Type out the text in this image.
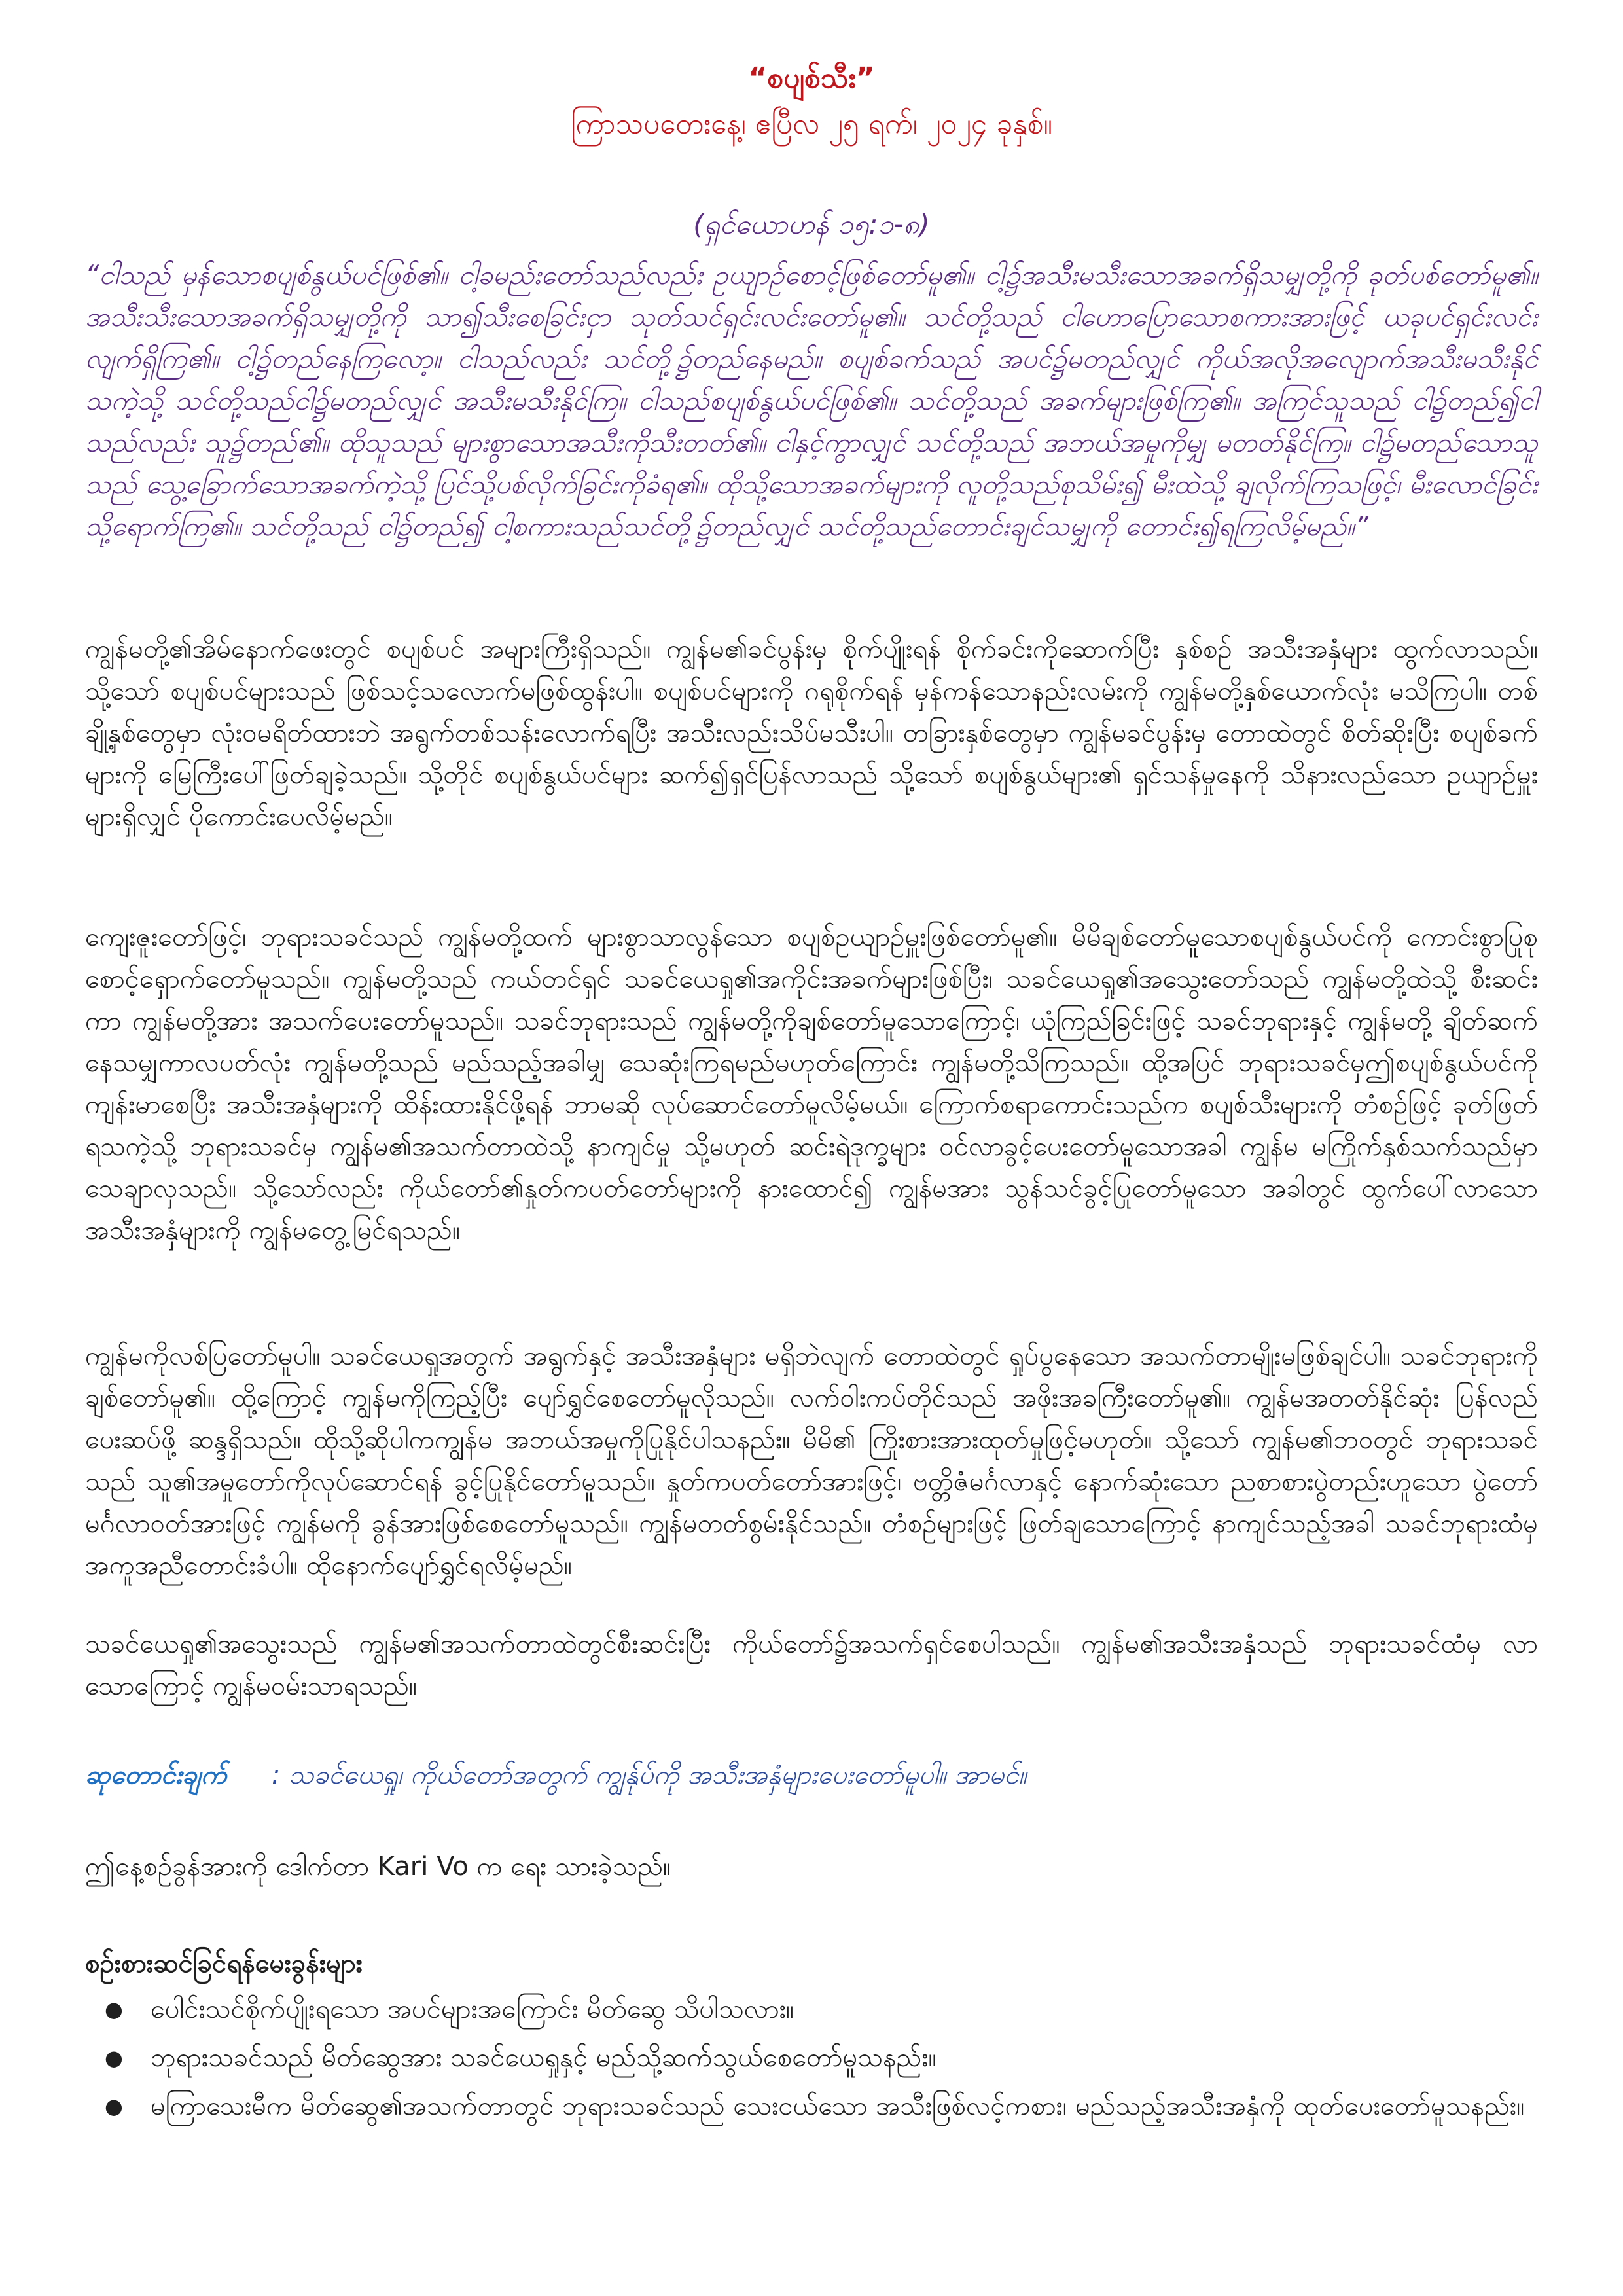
“စပျစ်သီး”
ကြာသပတေးနေ့၊ ဧပြီလ ၂၅ ရက်၊ ၂၀၂၄ ခုနှစ်။
(ရှင်ယောဟန် ၁၅:၁-၈)

“ငါသည် မှန်သောစပျစ်နွယ်ပင်ဖြစ်၏။ ငါ့ခမည်းတော်သည်လည်း ဥယျာဉ်စောင့်ဖြစ်တော်မူ၏။ ငါ့၌အသီးမသီးသောအခက်ရှိသမျှတို့ကို ခုတ်ပစ်တော်မူ၏။ အသီးသီးသောအခက်ရှိသမျှတို့ကို သာ၍သီးစေခြင်းငှာ သုတ်သင်ရှင်းလင်းတော်မူ၏။ သင်တို့သည် ငါဟောပြောသောစကားအားဖြင့် ယခုပင်ရှင်းလင်းလျက်ရှိကြ၏။ ငါ့၌တည်နေကြလော့။ ငါသည်လည်း သင်တို့၌တည်နေမည်။ စပျစ်ခက်သည် အပင်၌မတည်လျှင် ကိုယ်အလိုအလျောက်အသီးမသီးနိုင်သကဲ့သို့ သင်တို့သည်ငါ၌မတည်လျှင် အသီးမသီးနိုင်ကြ။ ငါသည်စပျစ်နွယ်ပင်ဖြစ်၏။ သင်တို့သည် အခက်များဖြစ်ကြ၏။ အကြင်သူသည် ငါ၌တည်၍ငါသည်လည်း သူ၌တည်၏။ ထိုသူသည် များစွာသောအသီးကိုသီးတတ်၏။ ငါနှင့်ကွာလျှင် သင်တို့သည် အဘယ်အမှုကိုမျှ မတတ်နိုင်ကြ။ ငါ၌မတည်သောသူသည် သွေ့ခြောက်သောအခက်ကဲ့သို့ ပြင်သို့ပစ်လိုက်ခြင်းကိုခံရ၏။ ထိုသို့သောအခက်များကို လူတို့သည်စုသိမ်း၍ မီးထဲသို့ ချလိုက်ကြသဖြင့်၊ မီးလောင်ခြင်းသို့ရောက်ကြ၏။ သင်တို့သည် ငါ၌တည်၍ ငါ့စကားသည်သင်တို့၌တည်လျှင် သင်တို့သည်တောင်းချင်သမျှကို တောင်း၍ရကြလိမ့်မည်။”

ကျွန်မတို့၏အိမ်နောက်ဖေးတွင် စပျစ်ပင် အများကြီးရှိသည်။ ကျွန်မ၏ခင်ပွန်းမှ စိုက်ပျိုးရန် စိုက်ခင်းကိုဆောက်ပြီး နှစ်စဉ် အသီးအနှံများ ထွက်လာသည်။ သို့သော် စပျစ်ပင်များသည် ဖြစ်သင့်သလောက်မဖြစ်ထွန်းပါ။ စပျစ်ပင်များကို ဂရုစိုက်ရန် မှန်ကန်သောနည်းလမ်းကို ကျွန်မတို့နှစ်ယောက်လုံး မသိကြပါ။ တစ်ချို့နှစ်တွေမှာ လုံးဝမရိတ်ထားဘဲ အရွက်တစ်သန်းလောက်ရပြီး အသီးလည်းသိပ်မသီးပါ။ တခြားနှစ်တွေမှာ ကျွန်မခင်ပွန်းမှ တောထဲတွင် စိတ်ဆိုးပြီး စပျစ်ခက်များကို မြေကြီးပေါ်ဖြတ်ချခဲ့သည်။ သို့တိုင် စပျစ်နွယ်ပင်များ ဆက်၍ရှင်ပြန်လာသည် သို့သော် စပျစ်နွယ်များ၏ ရှင်သန်မှုနေကို သိနားလည်သော ဥယျာဉ်မှူးများရှိလျှင် ပိုကောင်းပေလိမ့်မည်။

ကျေးဇူးတော်ဖြင့်၊ ဘုရားသခင်သည် ကျွန်မတို့ထက် များစွာသာလွန်သော စပျစ်ဥယျာဉ်မှူးဖြစ်တော်မူ၏။ မိမိချစ်တော်မူသောစပျစ်နွယ်ပင်ကို ကောင်းစွာပြုစုစောင့်ရှောက်တော်မူသည်။ ကျွန်မတို့သည် ကယ်တင်ရှင် သခင်ယေရှု၏အကိုင်းအခက်များဖြစ်ပြီး၊ သခင်ယေရှု၏အသွေးတော်သည် ကျွန်မတို့ထဲသို့ စီးဆင်းကာ ကျွန်မတို့အား အသက်ပေးတော်မူသည်။ သခင်ဘုရားသည် ကျွန်မတို့ကိုချစ်တော်မူသောကြောင့်၊ ယုံကြည်ခြင်းဖြင့် သခင်ဘုရားနှင့် ကျွန်မတို့ ချိတ်ဆက်နေသမျှကာလပတ်လုံး ကျွန်မတို့သည် မည်သည့်အခါမျှ သေဆုံးကြရမည်မဟုတ်ကြောင်း ကျွန်မတို့သိကြသည်။ ထို့အပြင် ဘုရားသခင်မှဤစပျစ်နွယ်ပင်ကို ကျန်းမာစေပြီး အသီးအနှံများကို ထိန်းထားနိုင်ဖို့ရန် ဘာမဆို လုပ်ဆောင်တော်မူလိမ့်မယ်။ ကြောက်စရာကောင်းသည်က စပျစ်သီးများကို တံစဉ်ဖြင့် ခုတ်ဖြတ်ရသကဲ့သို့ ဘုရားသခင်မှ ကျွန်မ၏အသက်တာထဲသို့ နာကျင်မှု သို့မဟုတ် ဆင်းရဲဒုက္ခများ ဝင်လာခွင့်ပေးတော်မူသောအခါ ကျွန်မ မကြိုက်နှစ်သက်သည်မှာ သေချာလှသည်။ သို့သော်လည်း ကိုယ်တော်၏နှုတ်ကပတ်တော်များကို နားထောင်၍ ကျွန်မအား သွန်သင်ခွင့်ပြုတော်မူသော အခါတွင် ထွက်ပေါ်လာသော အသီးအနှံများကို ကျွန်မတွေ့မြင်ရသည်။

ကျွန်မကိုလစ်ပြတော်မူပါ။ သခင်ယေရှုအတွက် အရွက်နှင့် အသီးအနှံများ မရှိဘဲလျက် တောထဲတွင် ရှုပ်ပွနေသော အသက်တာမျိုးမဖြစ်ချင်ပါ။ သခင်ဘုရားကိုချစ်တော်မူ၏။ ထို့ကြောင့် ကျွန်မကိုကြည့်ပြီး ပျော်ရွှင်စေတော်မူလိုသည်။ လက်ဝါးကပ်တိုင်သည် အဖိုးအခကြီးတော်မူ၏။ ကျွန်မအတတ်နိုင်ဆုံး ပြန်လည်ပေးဆပ်ဖို့ ဆန္ဒရှိသည်။ ထိုသို့ဆိုပါကကျွန်မ အဘယ်အမှုကိုပြုနိုင်ပါသနည်း။ မိမိ၏ ကြိုးစားအားထုတ်မှုဖြင့်မဟုတ်။ သို့သော် ကျွန်မ၏ဘဝတွင် ဘုရားသခင်သည် သူ၏အမှုတော်ကိုလုပ်ဆောင်ရန် ခွင့်ပြုနိုင်တော်မူသည်။ နှုတ်ကပတ်တော်အားဖြင့်၊ ဗတ္တိဇံမင်္ဂလာနှင့် နောက်ဆုံးသော ညစာစားပွဲတည်းဟူသော ပွဲတော်မင်္ဂလာဝတ်အားဖြင့် ကျွန်မကို ခွန်အားဖြစ်စေတော်မူသည်။ ကျွန်မတတ်စွမ်းနိုင်သည်။ တံစဉ်များဖြင့် ဖြတ်ချသောကြောင့် နာကျင်သည့်အခါ သခင်ဘုရားထံမှအကူအညီတောင်းခံပါ။ ထိုနောက်ပျော်ရွှင်ရလိမ့်မည်။

သခင်ယေရှု၏အသွေးသည် ကျွန်မ၏အသက်တာထဲတွင်စီးဆင်းပြီး ကိုယ်တော်၌အသက်ရှင်စေပါသည်။ ကျွန်မ၏အသီးအနှံသည် ဘုရားသခင်ထံမှ လာသောကြောင့် ကျွန်မဝမ်းသာရသည်။

ဆုတောင်းချက် : သခင်ယေရှု၊ ကိုယ်တော်အတွက် ကျွန်ုပ်ကို အသီးအနှံများပေးတော်မူပါ။ အာမင်။
ဤနေ့စဉ်ခွန်အားကို ဒေါက်တာ Kari Vo က ရေး သားခဲ့သည်။
စဉ်းစားဆင်ခြင်ရန်မေးခွန်းများ
● ပေါင်းသင်စိုက်ပျိုးရသော အပင်များအကြောင်း မိတ်ဆွေ သိပါသလား။
● ဘုရားသခင်သည် မိတ်ဆွေအား သခင်ယေရှုနှင့် မည်သို့ဆက်သွယ်စေတော်မူသနည်း။
● မကြာသေးမီက မိတ်ဆွေ၏အသက်တာတွင် ဘုရားသခင်သည် သေးငယ်သော အသီးဖြစ်လင့်ကစား၊ မည်သည့်အသီးအနှံကို ထုတ်ပေးတော်မူသနည်း။
